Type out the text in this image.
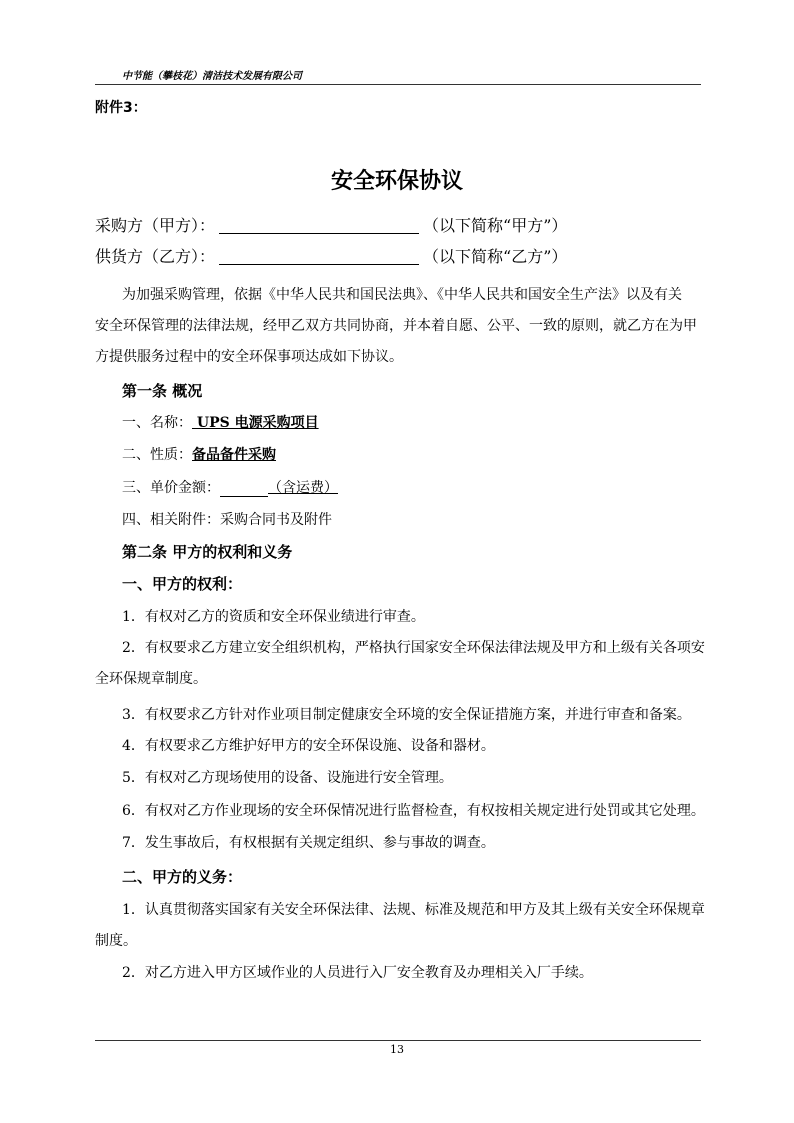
中节能（攀枝花）清洁技术发展有限公司
附件3：
安全环保协议
采购方（甲方）：	（以下简称“甲方”）
供货方（乙方）：	（以下简称“乙方”）
为加强采购管理，依据《中华人民共和国民法典》、《中华人民共和国安全生产法》以及有关
安全环保管理的法律法规，经甲乙双方共同协商，并本着自愿、公平、一致的原则，就乙方在为甲
方提供服务过程中的安全环保事项达成如下协议。
第一条 概况
一、名称： UPS 电源采购项目
二、性质：备品备件采购
三、单价金额：	（含运费）
四、相关附件：采购合同书及附件
第二条 甲方的权利和义务
一、甲方的权利：
1．有权对乙方的资质和安全环保业绩进行审查。
2．有权要求乙方建立安全组织机构，严格执行国家安全环保法律法规及甲方和上级有关各项安
全环保规章制度。
3．有权要求乙方针对作业项目制定健康安全环境的安全保证措施方案，并进行审查和备案。
4．有权要求乙方维护好甲方的安全环保设施、设备和器材。
5．有权对乙方现场使用的设备、设施进行安全管理。
6．有权对乙方作业现场的安全环保情况进行监督检查，有权按相关规定进行处罚或其它处理。
7．发生事故后，有权根据有关规定组织、参与事故的调查。
二、甲方的义务：
1．认真贯彻落实国家有关安全环保法律、法规、标准及规范和甲方及其上级有关安全环保规章
制度。
2．对乙方进入甲方区域作业的人员进行入厂安全教育及办理相关入厂手续。
13
